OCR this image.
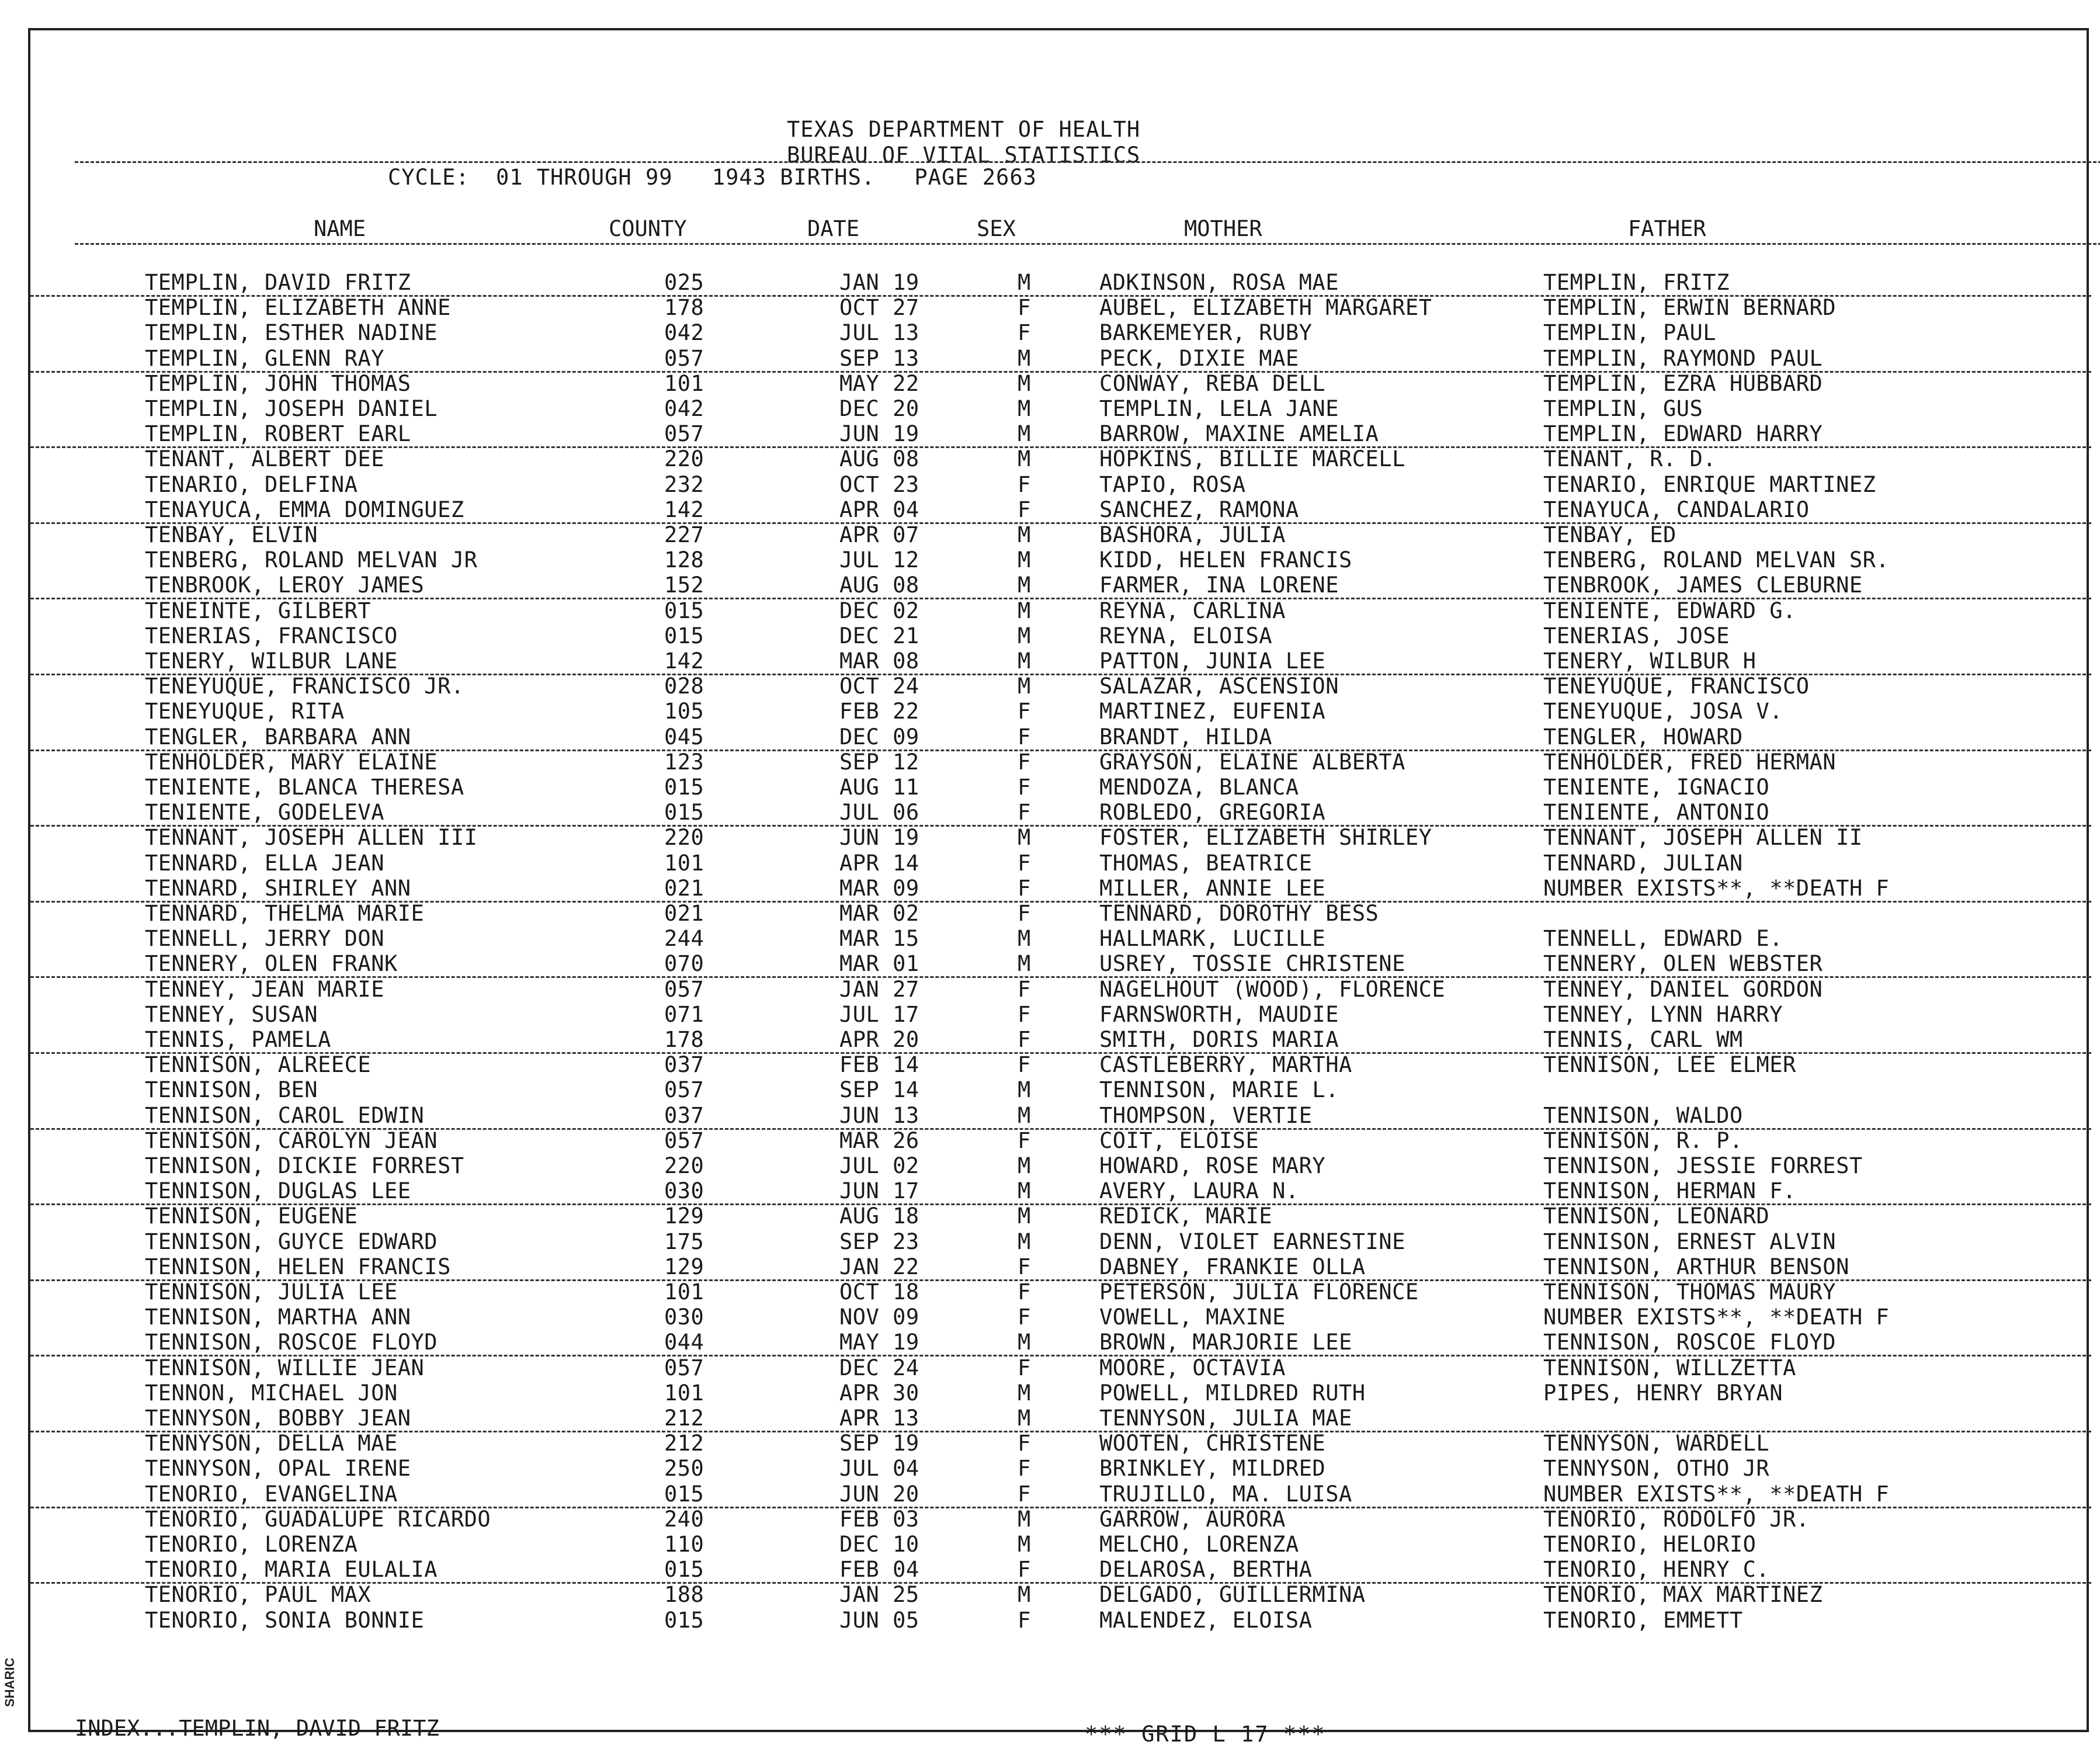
SHARIC
TEXAS DEPARTMENT OF HEALTH
BUREAU OF VITAL STATISTICS
CYCLE: 01 THROUGH 99 1943 BIRTHS. PAGE 2663
NAME	COUNTY	DATE	SEX	MOTHER	FATHER
TEMPLIN, DAVID FRITZ	025	JAN 19	M	ADKINSON, ROSA MAE	TEMPLIN, FRITZ
TEMPLIN, ELIZABETH ANNE	178	OCT 27	F	AUBEL, ELIZABETH MARGARET	TEMPLIN, ERWIN BERNARD
TEMPLIN, ESTHER NADINE	042	JUL 13	F	BARKEMEYER, RUBY	TEMPLIN, PAUL
TEMPLIN, GLENN RAY	057	SEP 13	M	PECK, DIXIE MAE	TEMPLIN, RAYMOND PAUL
TEMPLIN, JOHN THOMAS	101	MAY 22	M	CONWAY, REBA DELL	TEMPLIN, EZRA HUBBARD
TEMPLIN, JOSEPH DANIEL	042	DEC 20	M	TEMPLIN, LELA JANE	TEMPLIN, GUS
TEMPLIN, ROBERT EARL	057	JUN 19	M	BARROW, MAXINE AMELIA	TEMPLIN, EDWARD HARRY
TENANT, ALBERT DEE	220	AUG 08	M	HOPKINS, BILLIE MARCELL	TENANT, R. D.
TENARIO, DELFINA	232	OCT 23	F	TAPIO, ROSA	TENARIO, ENRIQUE MARTINEZ
TENAYUCA, EMMA DOMINGUEZ	142	APR 04	F	SANCHEZ, RAMONA	TENAYUCA, CANDALARIO
TENBAY, ELVIN	227	APR 07	M	BASHORA, JULIA	TENBAY, ED
TENBERG, ROLAND MELVAN JR	128	JUL 12	M	KIDD, HELEN FRANCIS	TENBERG, ROLAND MELVAN SR.
TENBROOK, LEROY JAMES	152	AUG 08	M	FARMER, INA LORENE	TENBROOK, JAMES CLEBURNE
TENEINTE, GILBERT	015	DEC 02	M	REYNA, CARLINA	TENIENTE, EDWARD G.
TENERIAS, FRANCISCO	015	DEC 21	M	REYNA, ELOISA	TENERIAS, JOSE
TENERY, WILBUR LANE	142	MAR 08	M	PATTON, JUNIA LEE	TENERY, WILBUR H
TENEYUQUE, FRANCISCO JR.	028	OCT 24	M	SALAZAR, ASCENSION	TENEYUQUE, FRANCISCO
TENEYUQUE, RITA	105	FEB 22	F	MARTINEZ, EUFENIA	TENEYUQUE, JOSA V.
TENGLER, BARBARA ANN	045	DEC 09	F	BRANDT, HILDA	TENGLER, HOWARD
TENHOLDER, MARY ELAINE	123	SEP 12	F	GRAYSON, ELAINE ALBERTA	TENHOLDER, FRED HERMAN
TENIENTE, BLANCA THERESA	015	AUG 11	F	MENDOZA, BLANCA	TENIENTE, IGNACIO
TENIENTE, GODELEVA	015	JUL 06	F	ROBLEDO, GREGORIA	TENIENTE, ANTONIO
TENNANT, JOSEPH ALLEN III	220	JUN 19	M	FOSTER, ELIZABETH SHIRLEY	TENNANT, JOSEPH ALLEN II
TENNARD, ELLA JEAN	101	APR 14	F	THOMAS, BEATRICE	TENNARD, JULIAN
TENNARD, SHIRLEY ANN	021	MAR 09	F	MILLER, ANNIE LEE	NUMBER EXISTS**, **DEATH F
TENNARD, THELMA MARIE	021	MAR 02	F	TENNARD, DOROTHY BESS
TENNELL, JERRY DON	244	MAR 15	M	HALLMARK, LUCILLE	TENNELL, EDWARD E.
TENNERY, OLEN FRANK	070	MAR 01	M	USREY, TOSSIE CHRISTENE	TENNERY, OLEN WEBSTER
TENNEY, JEAN MARIE	057	JAN 27	F	NAGELHOUT (WOOD), FLORENCE	TENNEY, DANIEL GORDON
TENNEY, SUSAN	071	JUL 17	F	FARNSWORTH, MAUDIE	TENNEY, LYNN HARRY
TENNIS, PAMELA	178	APR 20	F	SMITH, DORIS MARIA	TENNIS, CARL WM
TENNISON, ALREECE	037	FEB 14	F	CASTLEBERRY, MARTHA	TENNISON, LEE ELMER
TENNISON, BEN	057	SEP 14	M	TENNISON, MARIE L.
TENNISON, CAROL EDWIN	037	JUN 13	M	THOMPSON, VERTIE	TENNISON, WALDO
TENNISON, CAROLYN JEAN	057	MAR 26	F	COIT, ELOISE	TENNISON, R. P.
TENNISON, DICKIE FORREST	220	JUL 02	M	HOWARD, ROSE MARY	TENNISON, JESSIE FORREST
TENNISON, DUGLAS LEE	030	JUN 17	M	AVERY, LAURA N.	TENNISON, HERMAN F.
TENNISON, EUGENE	129	AUG 18	M	REDICK, MARIE	TENNISON, LEONARD
TENNISON, GUYCE EDWARD	175	SEP 23	M	DENN, VIOLET EARNESTINE	TENNISON, ERNEST ALVIN
TENNISON, HELEN FRANCIS	129	JAN 22	F	DABNEY, FRANKIE OLLA	TENNISON, ARTHUR BENSON
TENNISON, JULIA LEE	101	OCT 18	F	PETERSON, JULIA FLORENCE	TENNISON, THOMAS MAURY
TENNISON, MARTHA ANN	030	NOV 09	F	VOWELL, MAXINE	NUMBER EXISTS**, **DEATH F
TENNISON, ROSCOE FLOYD	044	MAY 19	M	BROWN, MARJORIE LEE	TENNISON, ROSCOE FLOYD
TENNISON, WILLIE JEAN	057	DEC 24	F	MOORE, OCTAVIA	TENNISON, WILLZETTA
TENNON, MICHAEL JON	101	APR 30	M	POWELL, MILDRED RUTH	PIPES, HENRY BRYAN
TENNYSON, BOBBY JEAN	212	APR 13	M	TENNYSON, JULIA MAE
TENNYSON, DELLA MAE	212	SEP 19	F	WOOTEN, CHRISTENE	TENNYSON, WARDELL
TENNYSON, OPAL IRENE	250	JUL 04	F	BRINKLEY, MILDRED	TENNYSON, OTHO JR
TENORIO, EVANGELINA	015	JUN 20	F	TRUJILLO, MA. LUISA	NUMBER EXISTS**, **DEATH F
TENORIO, GUADALUPE RICARDO	240	FEB 03	M	GARROW, AURORA	TENORIO, RODOLFO JR.
TENORIO, LORENZA	110	DEC 10	M	MELCHO, LORENZA	TENORIO, HELORIO
TENORIO, MARIA EULALIA	015	FEB 04	F	DELAROSA, BERTHA	TENORIO, HENRY C.
TENORIO, PAUL MAX	188	JAN 25	M	DELGADO, GUILLERMINA	TENORIO, MAX MARTINEZ
TENORIO, SONIA BONNIE	015	JUN 05	F	MALENDEZ, ELOISA	TENORIO, EMMETT
INDEX...TEMPLIN, DAVID FRITZ	*** GRID L 17 ***
